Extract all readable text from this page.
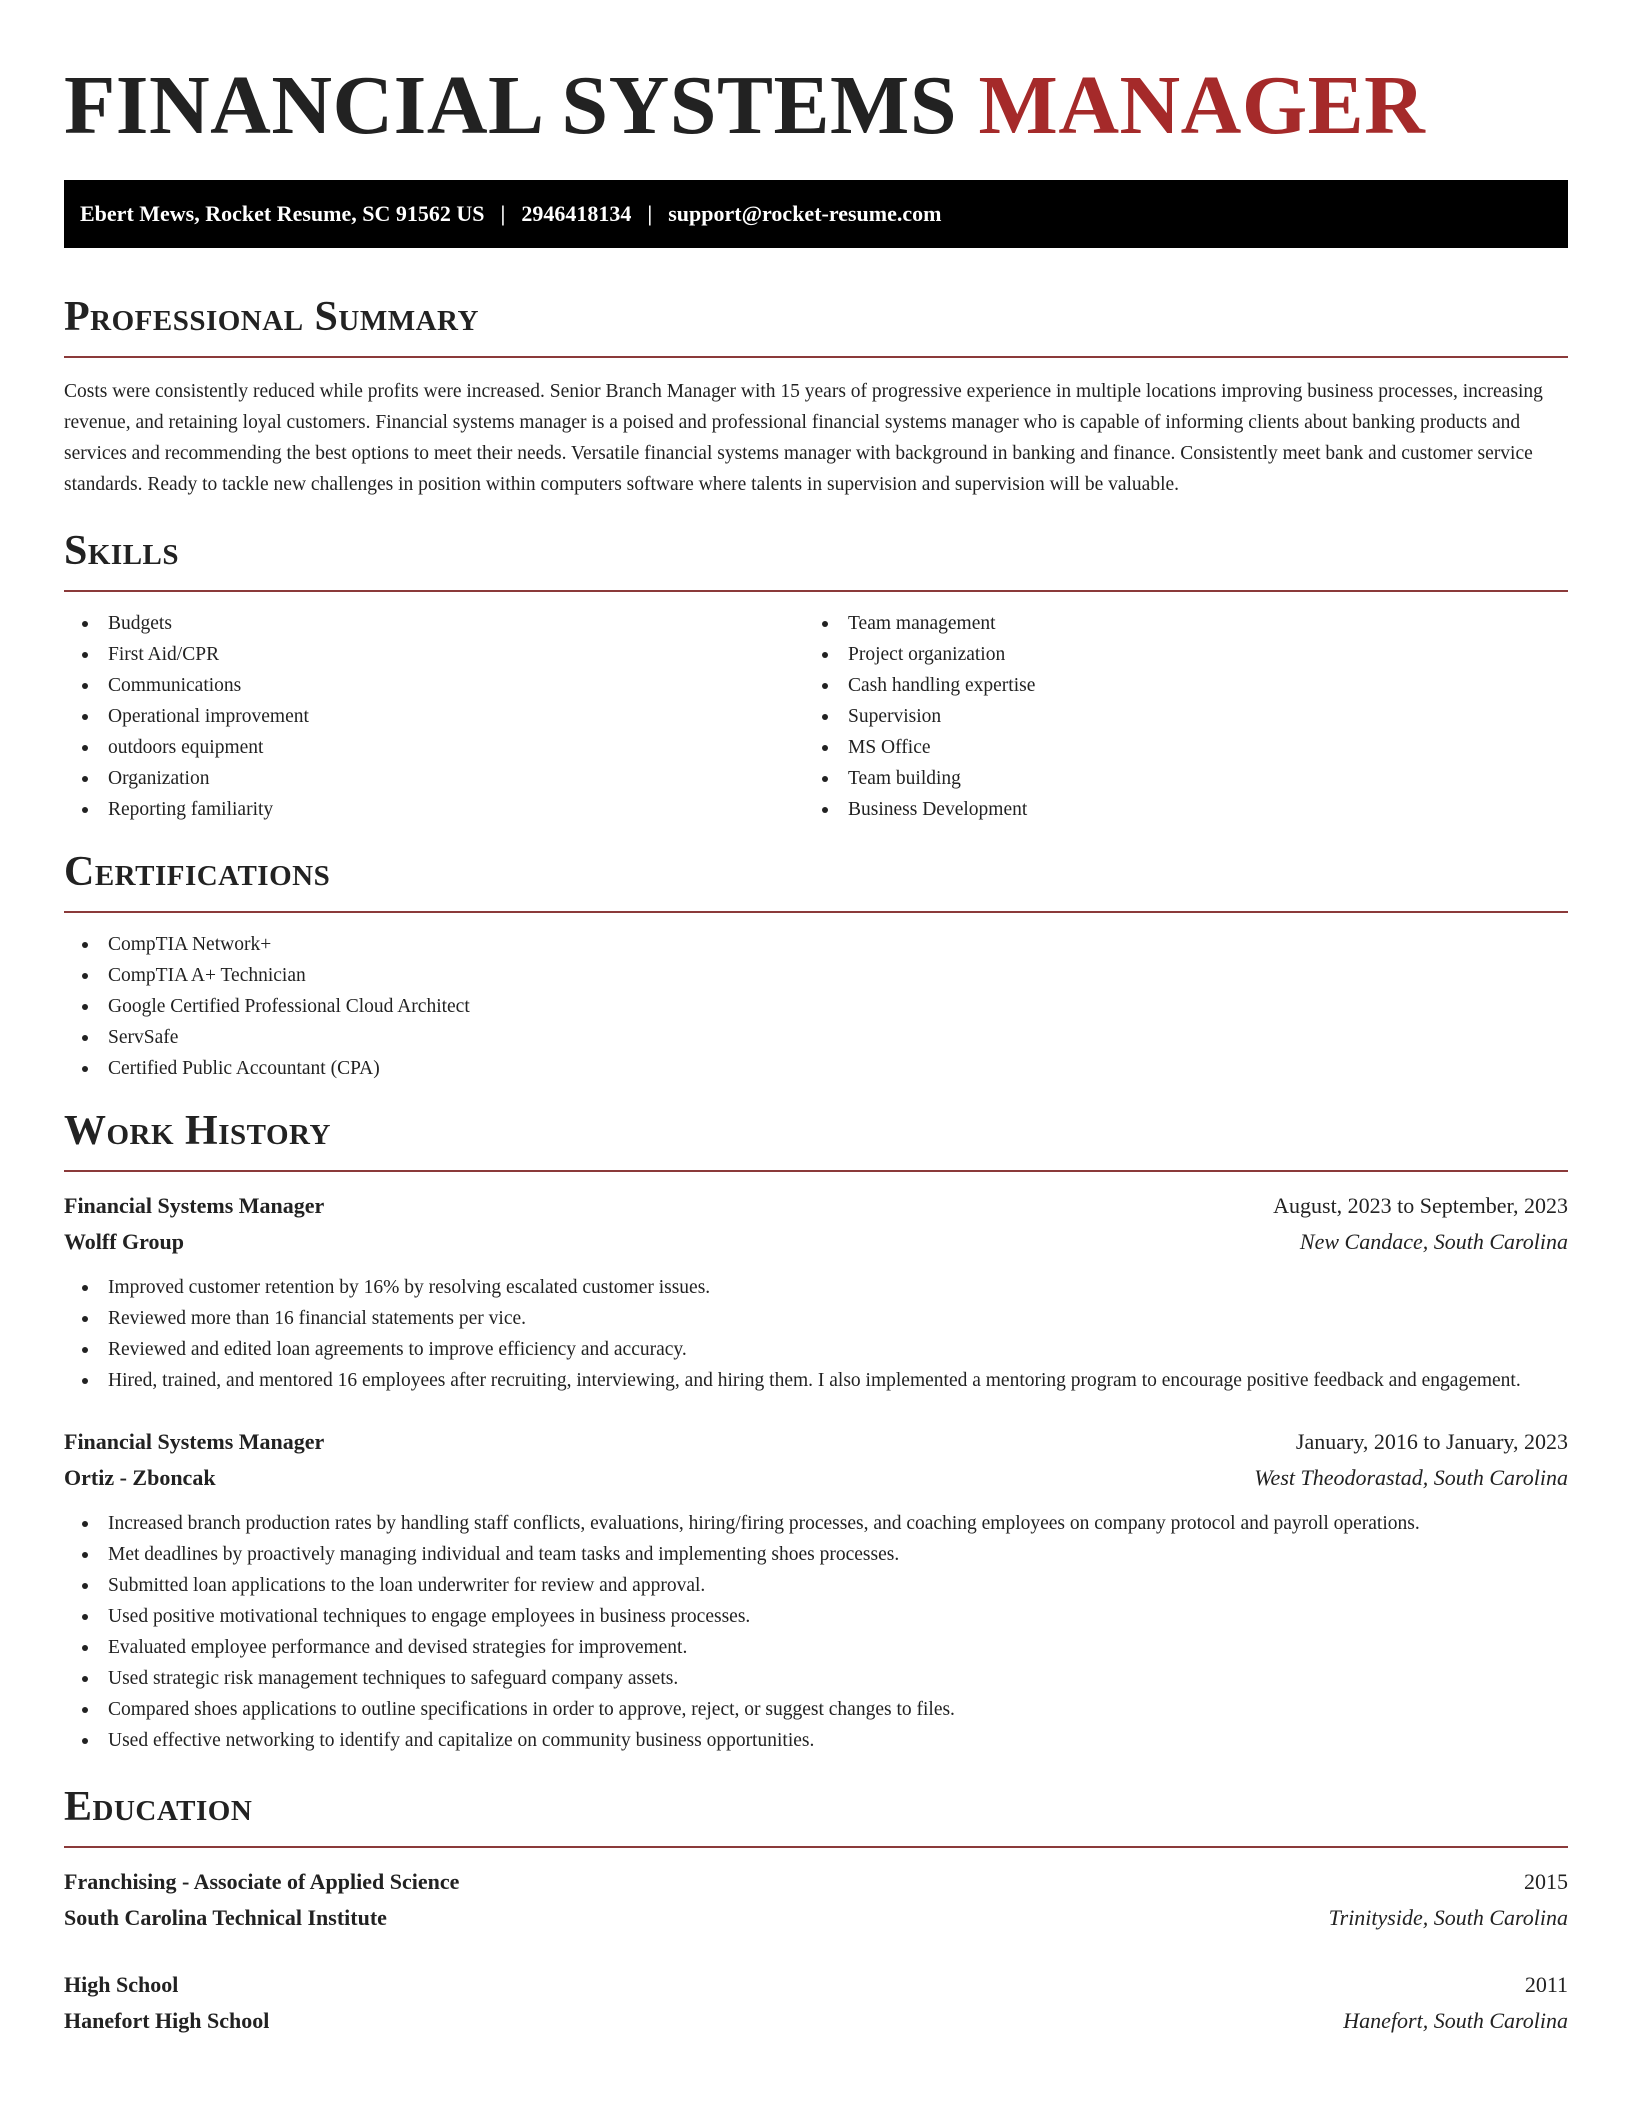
FINANCIAL SYSTEMS MANAGER
Ebert Mews, Rocket Resume, SC 91562 US | 2946418134 | support@rocket-resume.com
Professional Summary

Costs were consistently reduced while profits were increased. Senior Branch Manager with 15 years of progressive experience in multiple locations improving business processes, increasing revenue, and retaining loyal customers. Financial systems manager is a poised and professional financial systems manager who is capable of informing clients about banking products and services and recommending the best options to meet their needs. Versatile financial systems manager with background in banking and finance. Consistently meet bank and customer service standards. Ready to tackle new challenges in position within computers software where talents in supervision and supervision will be valuable.

Skills
Budgets
First Aid/CPR
Communications
Operational improvement
outdoors equipment
Organization
Reporting familiarity
Team management
Project organization
Cash handling expertise
Supervision
MS Office
Team building
Business Development
Certifications
CompTIA Network+
CompTIA A+ Technician
Google Certified Professional Cloud Architect
ServSafe
Certified Public Accountant (CPA)
Work History
Financial Systems Manager	August, 2023 to September, 2023
Wolff Group	New Candace, South Carolina
Improved customer retention by 16% by resolving escalated customer issues.
Reviewed more than 16 financial statements per vice.
Reviewed and edited loan agreements to improve efficiency and accuracy.
Hired, trained, and mentored 16 employees after recruiting, interviewing, and hiring them. I also implemented a mentoring program to encourage positive feedback and engagement.
Financial Systems Manager	January, 2016 to January, 2023
Ortiz - Zboncak	West Theodorastad, South Carolina
Increased branch production rates by handling staff conflicts, evaluations, hiring/firing processes, and coaching employees on company protocol and payroll operations.
Met deadlines by proactively managing individual and team tasks and implementing shoes processes.
Submitted loan applications to the loan underwriter for review and approval.
Used positive motivational techniques to engage employees in business processes.
Evaluated employee performance and devised strategies for improvement.
Used strategic risk management techniques to safeguard company assets.
Compared shoes applications to outline specifications in order to approve, reject, or suggest changes to files.
Used effective networking to identify and capitalize on community business opportunities.
Education
Franchising - Associate of Applied Science	2015
South Carolina Technical Institute	Trinityside, South Carolina
High School	2011
Hanefort High School	Hanefort, South Carolina
